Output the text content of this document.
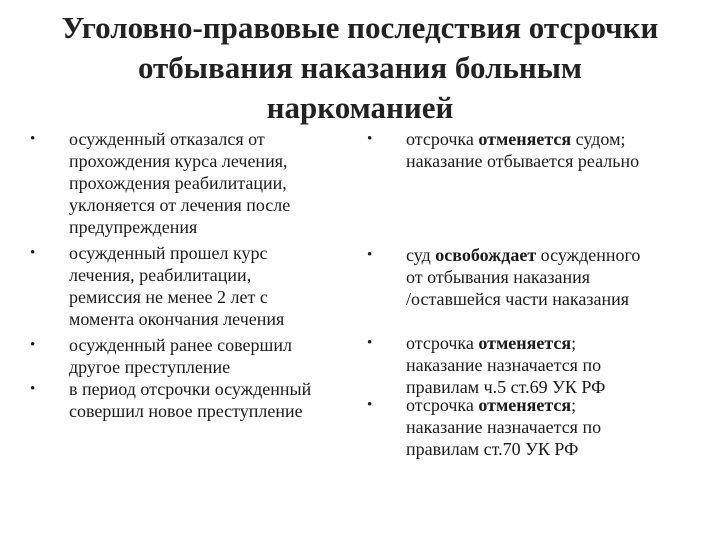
Уголовно-правовые последствия отсрочки
отбывания наказания больным
наркоманией
• осужденный отказался от
прохождения курса лечения,
прохождения реабилитации,
уклоняется от лечения после
предупреждения
• осужденный прошел курс
лечения, реабилитации,
ремиссия не менее 2 лет с
момента окончания лечения
• осужденный ранее совершил
другое преступление
• в период отсрочки осужденный
совершил новое преступление
• отсрочка отменяется судом;
наказание отбывается реально
• суд освобождает осужденного
от отбывания наказания
/оставшейся части наказания
• отсрочка отменяется;
наказание назначается по
правилам ч.5 ст.69 УК РФ
• отсрочка отменяется;
наказание назначается по
правилам ст.70 УК РФ
